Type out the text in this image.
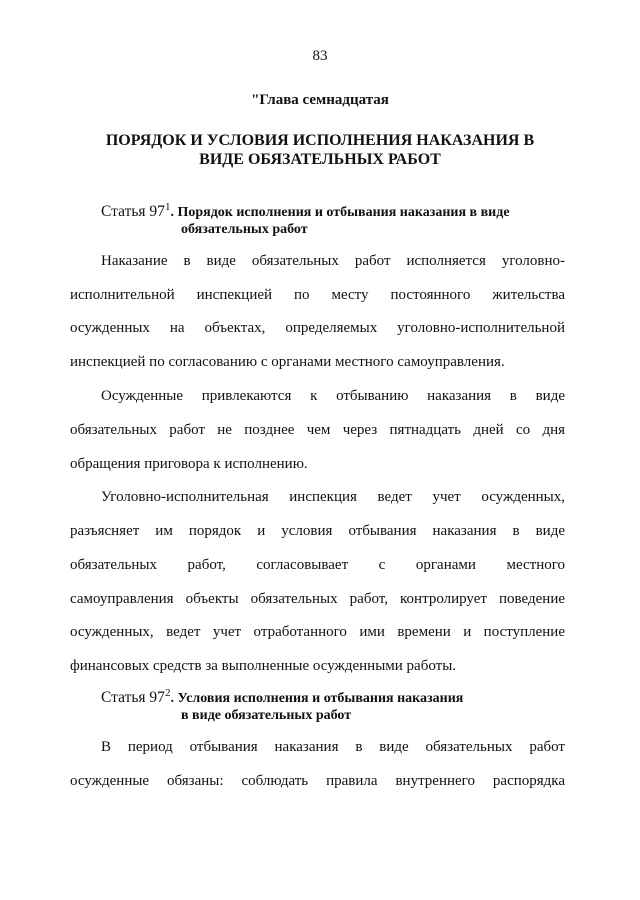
83
"Глава семнадцатая
ПОРЯДОК И УСЛОВИЯ ИСПОЛНЕНИЯ НАКАЗАНИЯ В
ВИДЕ ОБЯЗАТЕЛЬНЫХ РАБОТ
Статья $97^1$. Порядок исполнения и отбывания наказания в виде
обязательных работ
Наказание в виде обязательных работ исполняется уголовно-
исполнительной инспекцией по месту постоянного жительства
осужденных на объектах, определяемых уголовно-исполнительной
инспекцией по согласованию с органами местного самоуправления.
Осужденные привлекаются к отбыванию наказания в виде
обязательных работ не позднее чем через пятнадцать дней со дня
обращения приговора к исполнению.
Уголовно-исполнительная инспекция ведет учет осужденных,
разъясняет им порядок и условия отбывания наказания в виде
обязательных работ, согласовывает с органами местного
самоуправления объекты обязательных работ, контролирует поведение
осужденных, ведет учет отработанного ими времени и поступление
финансовых средств за выполненные осужденными работы.
В период отбывания наказания в виде обязательных работ
осужденные обязаны: соблюдать правила внутреннего распорядка
Статья $97^2$. Условия исполнения и отбывания наказания
в виде обязательных работ
